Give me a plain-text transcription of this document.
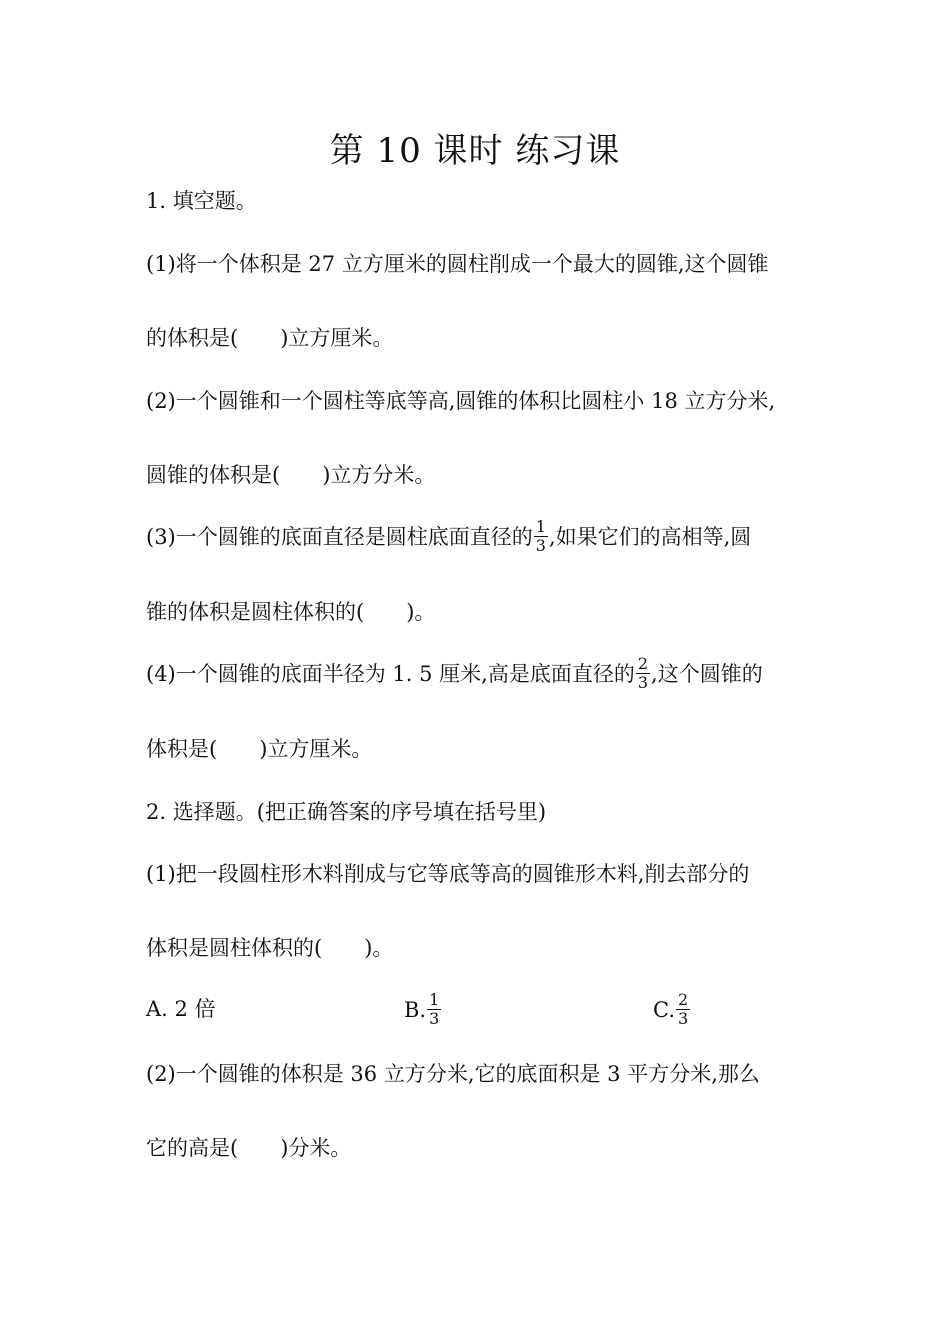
第 10 课时 练习课
1. 填空题。
(1)将一个体积是 27 立方厘米的圆柱削成一个最大的圆锥,这个圆锥
的体积是(　　)立方厘米。
(2)一个圆锥和一个圆柱等底等高,圆锥的体积比圆柱小 18 立方分米,
圆锥的体积是(　　)立方分米。
(3)一个圆锥的底面直径是圆柱底面直径的 $\frac{1}{3}$ ,如果它们的高相等,圆
锥的体积是圆柱体积的(　　)。
(4)一个圆锥的底面半径为 1. 5 厘米,高是底面直径的 $\frac{2}{3}$ ,这个圆锥的
体积是(　　)立方厘米。
2. 选择题。(把正确答案的序号填在括号里)
(1)把一段圆柱形木料削成与它等底等高的圆锥形木料,削去部分的
体积是圆柱体积的(　　)。
A. 2 倍	B. $\frac{1}{3}$	C. $\frac{2}{3}$
(2)一个圆锥的体积是 36 立方分米,它的底面积是 3 平方分米,那么
它的高是(　　)分米。
